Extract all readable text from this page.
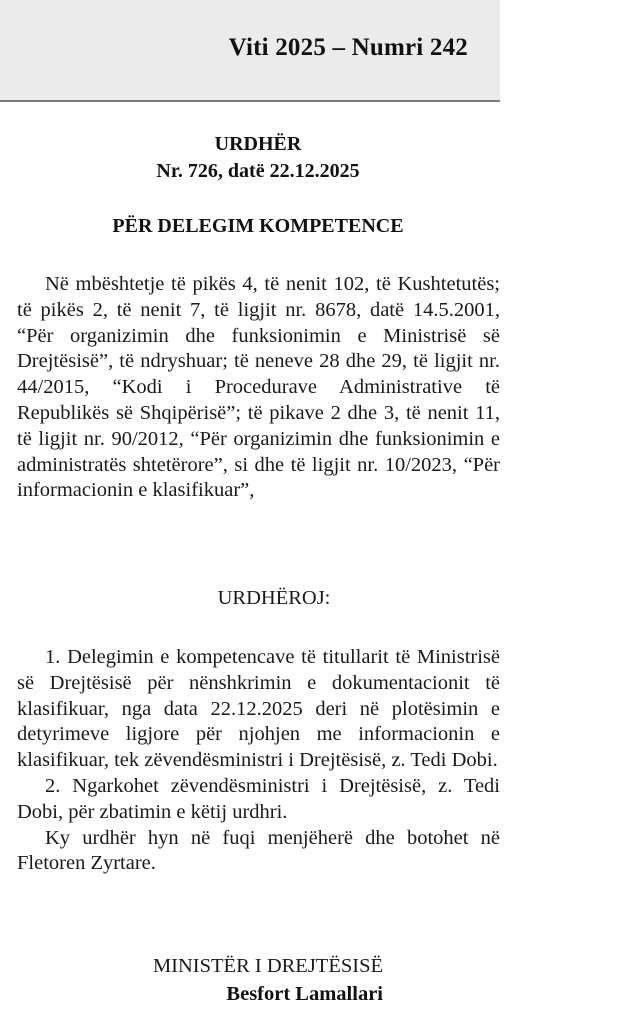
Viti 2025 – Numri 242
URDHËR
Nr. 726, datë 22.12.2025
PËR DELEGIM KOMPETENCE
Në mbështetje të pikës 4, të nenit 102, të Kushtetutës; të pikës 2, të nenit 7, të ligjit nr. 8678, datë 14.5.2001, “Për organizimin dhe funksionimin e Ministrisë së Drejtësisë”, të ndryshuar; të neneve 28 dhe 29, të ligjit nr. 44/2015, “Kodi i Procedurave Administrative të Republikës së Shqipërisë”; të pikave 2 dhe 3, të nenit 11, të ligjit nr. 90/2012, “Për organizimin dhe funksionimin e administratës shtetërore”, si dhe të ligjit nr. 10/2023, “Për informacionin e klasifikuar”,
URDHËROJ:

1. Delegimin e kompetencave të titullarit të Ministrisë së Drejtësisë për nënshkrimin e dokumentacionit të klasifikuar, nga data 22.12.2025 deri në plotësimin e detyrimeve ligjore për njohjen me informacionin e klasifikuar, tek zëvendësministri i Drejtësisë, z. Tedi Dobi.

2. Ngarkohet zëvendësministri i Drejtësisë, z. Tedi Dobi, për zbatimin e këtij urdhri.

Ky urdhër hyn në fuqi menjëherë dhe botohet në Fletoren Zyrtare.

MINISTËR I DREJTËSISË
Besfort Lamallari
